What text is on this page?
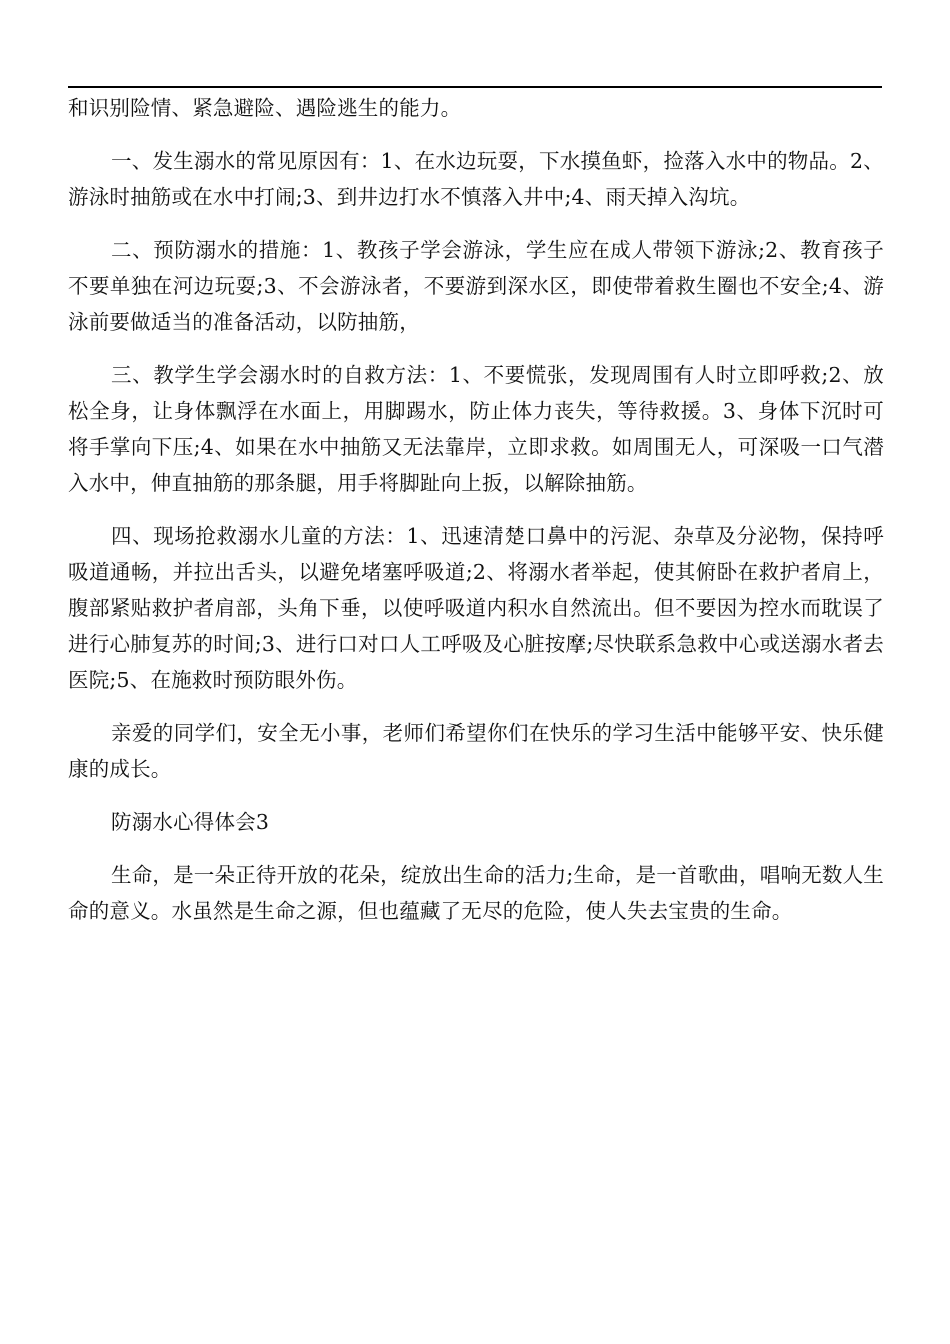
和识别险情、紧急避险、遇险逃生的能力。

一、发生溺水的常见原因有：1、在水边玩耍，下水摸鱼虾，捡落入水中的物品。2、游泳时抽筋或在水中打闹;3、到井边打水不慎落入井中;4、雨天掉入沟坑。

二、预防溺水的措施：1、教孩子学会游泳，学生应在成人带领下游泳;2、教育孩子不要单独在河边玩耍;3、不会游泳者，不要游到深水区，即使带着救生圈也不安全;4、游泳前要做适当的准备活动，以防抽筋，

三、教学生学会溺水时的自救方法：1、不要慌张，发现周围有人时立即呼救;2、放松全身，让身体飘浮在水面上，用脚踢水，防止体力丧失，等待救援。3、身体下沉时可将手掌向下压;4、如果在水中抽筋又无法靠岸，立即求救。如周围无人，可深吸一口气潜入水中，伸直抽筋的那条腿，用手将脚趾向上扳，以解除抽筋。

四、现场抢救溺水儿童的方法：1、迅速清楚口鼻中的污泥、杂草及分泌物，保持呼吸道通畅，并拉出舌头，以避免堵塞呼吸道;2、将溺水者举起，使其俯卧在救护者肩上，腹部紧贴救护者肩部，头角下垂，以使呼吸道内积水自然流出。但不要因为控水而耽误了进行心肺复苏的时间;3、进行口对口人工呼吸及心脏按摩;尽快联系急救中心或送溺水者去医院;5、在施救时预防眼外伤。

亲爱的同学们，安全无小事，老师们希望你们在快乐的学习生活中能够平安、快乐健康的成长。

防溺水心得体会3

生命，是一朵正待开放的花朵，绽放出生命的活力;生命，是一首歌曲，唱响无数人生命的意义。水虽然是生命之源，但也蕴藏了无尽的危险，使人失去宝贵的生命。
